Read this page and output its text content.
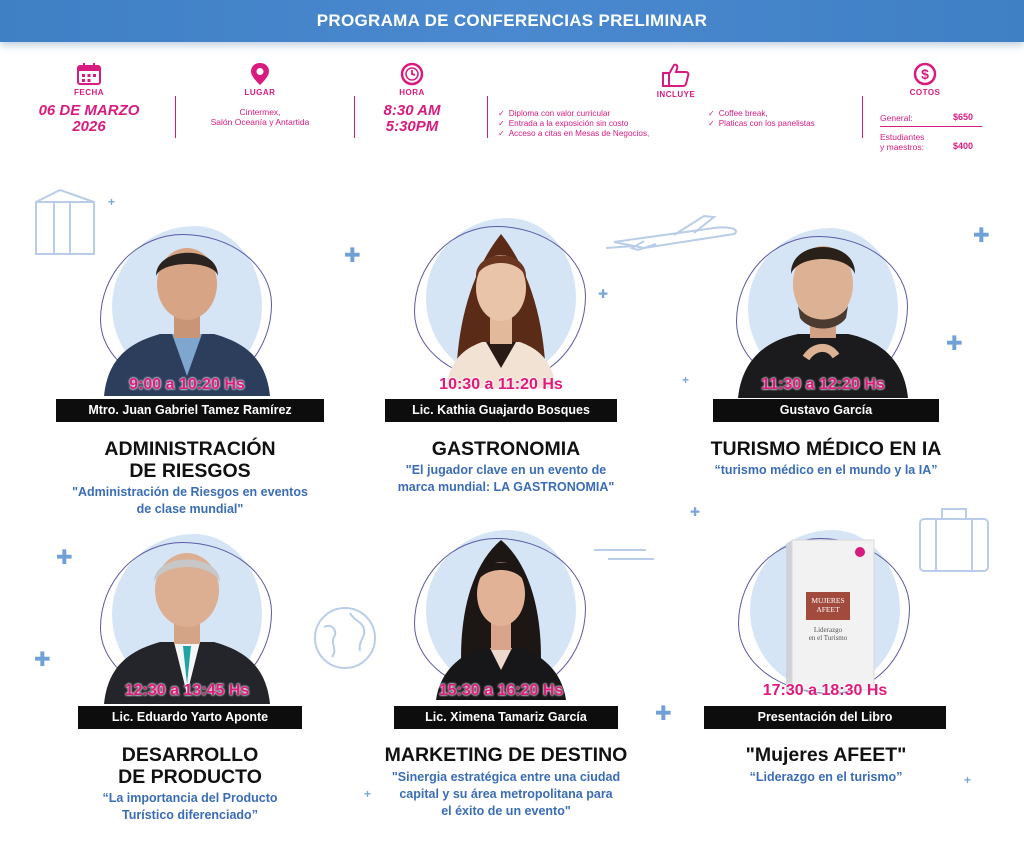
PROGRAMA DE CONFERENCIAS PRELIMINAR
FECHA
06 DE MARZO
2026
LUGAR
Cintermex,
Salón Oceanía y Antartida
HORA
8:30 AM
5:30PM
INCLUYE
✓ Diploma con valor curricular
✓ Entrada a la exposición sin costo
✓ Acceso a citas en Mesas de Negocios,
✓ Coffee break,
✓ Platicas con los panelistas
$
COTOS
General:	$650
Estudiantes
y maestros:	$400
✚
+
✚
✚
✚
✚
✚
✚
✚
+
+
+
9:00 a 10:20 Hs
Mtro. Juan Gabriel Tamez Ramírez
ADMINISTRACIÓN
DE RIESGOS
"Administración de Riesgos en eventos
de clase mundial"
10:30 a 11:20 Hs
Lic. Kathia Guajardo Bosques
GASTRONOMIA
"El jugador clave en un evento de
marca mundial: LA GASTRONOMIA"
11:30 a 12:20 Hs
Gustavo García
TURISMO MÉDICO EN IA
“turismo médico en el mundo y la IA”
12:30 a 13:45 Hs
Lic. Eduardo Yarto Aponte
DESARROLLO
DE PRODUCTO
“La importancia del Producto
Turístico diferenciado”
15:30 a 16:20 Hs
Lic. Ximena Tamariz García
MARKETING DE DESTINO
"Sinergia estratégica entre una ciudad
capital y su área metropolitana para
el éxito de un evento"
MUJERES
AFEET
Liderazgo
en el Turismo
17:30 a 18:30 Hs
Presentación del Libro
"Mujeres AFEET"
“Liderazgo en el turismo”
